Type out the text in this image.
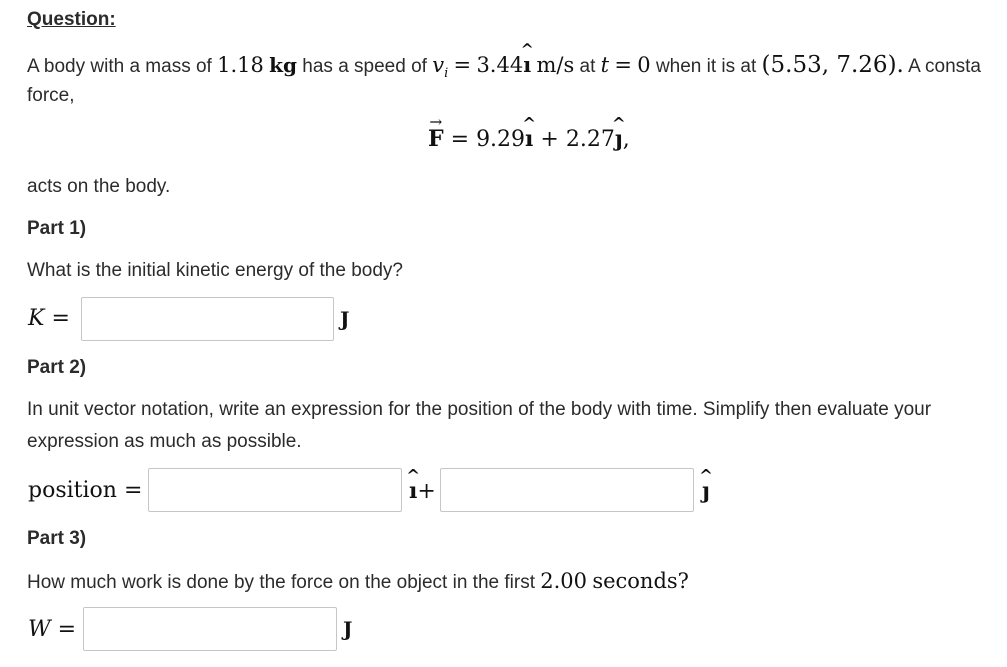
Question:
A body with a mass of 1.18 kg has a speed of $v_i$ = 3.44^ ı m/s at t = 0 when it is at (5.53, 7.26). A consta
force,
→ F = 9.29^ ı + 2.27^ ȷ,
acts on the body.
Part 1)
What is the initial kinetic energy of the body?
K =	J
Part 2)
In unit vector notation, write an expression for the position of the body with time. Simplify then evaluate your
expression as much as possible.
position =	^ ı+	^ ȷ
Part 3)
How much work is done by the force on the object in the first 2.00 seconds?
W =	J
